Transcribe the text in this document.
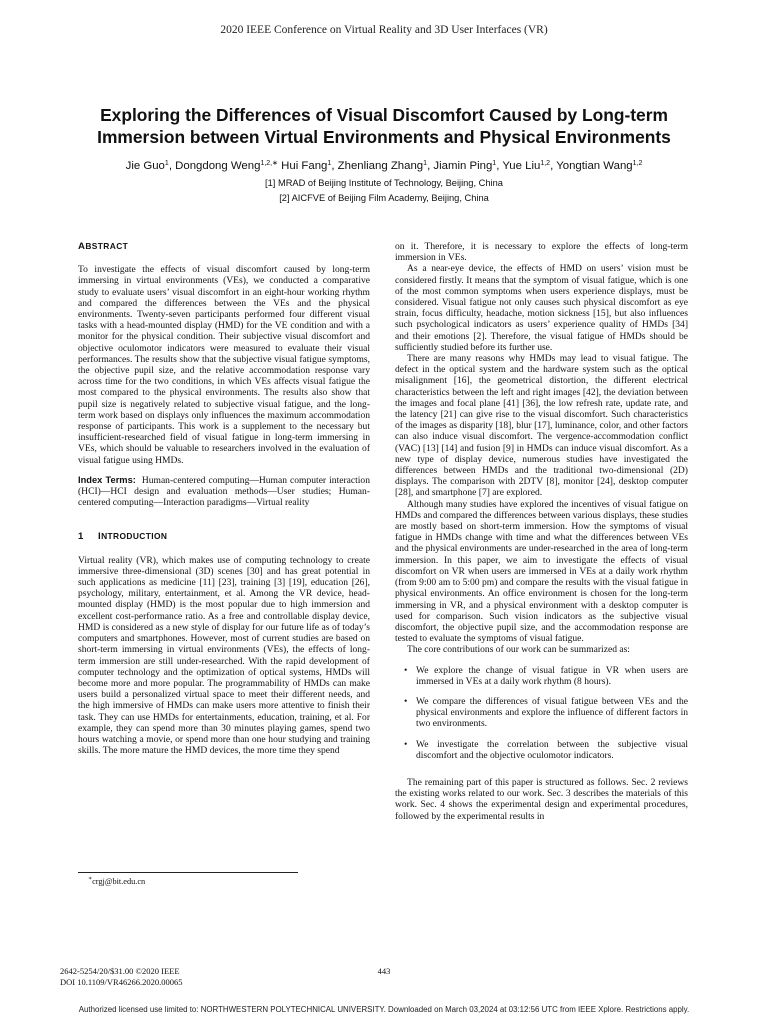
2020 IEEE Conference on Virtual Reality and 3D User Interfaces (VR)
Exploring the Differences of Visual Discomfort Caused by Long-term
Immersion between Virtual Environments and Physical Environments
Jie Guo$^1$, Dongdong Weng$^{1,2,∗}$ Hui Fang$^1$, Zhenliang Zhang$^1$, Jiamin Ping$^1$, Yue Liu$^{1,2}$, Yongtian Wang$^{1,2}$
[1] MRAD of Beijing Institute of Technology, Beijing, China
[2] AICFVE of Beijing Film Academy, Beijing, China
ABSTRACT

To investigate the effects of visual discomfort caused by long-term immersing in virtual environments (VEs), we conducted a comparative study to evaluate users’ visual discomfort in an eight-hour working rhythm and compared the differences between the VEs and the physical environments. Twenty-seven participants performed four different visual tasks with a head-mounted display (HMD) for the VE condition and with a monitor for the physical condition. Their subjective visual discomfort and objective oculomotor indicators were measured to evaluate their visual performances. The results show that the subjective visual fatigue symptoms, the objective pupil size, and the relative accommodation response vary across time for the two conditions, in which VEs affects visual fatigue the most compared to the physical environments. The results also show that pupil size is negatively related to subjective visual fatigue, and the long-term work based on displays only influences the maximum accommodation response of participants. This work is a supplement to the necessary but insufficient-researched field of visual fatigue in long-term immersing in VEs, which should be valuable to researchers involved in the evaluation of visual fatigue using HMDs.

Index Terms: Human-centered computing—Human computer interaction (HCI)—HCI design and evaluation methods—User studies; Human-centered computing—Interaction paradigms—Virtual reality

1 INTRODUCTION

Virtual reality (VR), which makes use of computing technology to create immersive three-dimensional (3D) scenes [30] and has great potential in such applications as medicine [11] [23], training [3] [19], education [26], psychology, military, entertainment, et al. Among the VR device, head-mounted display (HMD) is the most popular due to high immersion and excellent cost-performance ratio. As a free and controllable display device, HMD is considered as a new style of display for our future life as of today’s computers and smartphones. However, most of current studies are based on short-term immersing in virtual environments (VEs), the effects of long-term immersion are still under-researched. With the rapid development of computer technology and the optimization of optical systems, HMDs will become more and more popular. The programmability of HMDs can make users build a personalized virtual space to meet their different needs, and the high immersive of HMDs can make users more attentive to finish their task. They can use HMDs for entertainments, education, training, et al. For example, they can spend more than 30 minutes playing games, spend two hours watching a movie, or spend more than one hour studying and training skills. The more mature the HMD devices, the more time they spend

∗crgj@bit.edu.cn

on it. Therefore, it is necessary to explore the effects of long-term immersion in VEs.

As a near-eye device, the effects of HMD on users’ vision must be considered firstly. It means that the symptom of visual fatigue, which is one of the most common symptoms when users experience displays, must be considered. Visual fatigue not only causes such physical discomfort as eye strain, focus difficulty, headache, motion sickness [15], but also influences such psychological indicators as users’ experience quality of HMDs [34] and their emotions [2]. Therefore, the visual fatigue of HMDs should be sufficiently studied before its further use.

There are many reasons why HMDs may lead to visual fatigue. The defect in the optical system and the hardware system such as the optical misalignment [16], the geometrical distortion, the different electrical characteristics between the left and right images [42], the deviation between the images and focal plane [41] [36], the low refresh rate, update rate, and the latency [21] can give rise to the visual discomfort. Such characteristics of the images as disparity [18], blur [17], luminance, color, and other factors can also induce visual discomfort. The vergence-accommodation conflict (VAC) [13] [14] and fusion [9] in HMDs can induce visual discomfort. As a new type of display device, numerous studies have investigated the differences between HMDs and the traditional two-dimensional (2D) displays. The comparison with 2DTV [8], monitor [24], desktop computer [28], and smartphone [7] are explored.

Although many studies have explored the incentives of visual fatigue on HMDs and compared the differences between various displays, these studies are mostly based on short-term immersion. How the symptoms of visual fatigue in HMDs change with time and what the differences between VEs and the physical environments are under-researched in the area of long-term immersion. In this paper, we aim to investigate the effects of visual discomfort on VR when users are immersed in VEs at a daily work rhythm (from 9:00 am to 5:00 pm) and compare the results with the visual fatigue in physical environments. An office environment is chosen for the long-term immersing in VR, and a physical environment with a desktop computer is used for comparison. Such vision indicators as the subjective visual discomfort, the objective pupil size, and the accommodation response are tested to evaluate the symptoms of visual fatigue.

The core contributions of our work can be summarized as:

• We explore the change of visual fatigue in VR when users are immersed in VEs at a daily work rhythm (8 hours).
• We compare the differences of visual fatigue between VEs and the physical environments and explore the influence of different factors in two environments.
• We investigate the correlation between the subjective visual discomfort and the objective oculomotor indicators.

The remaining part of this paper is structured as follows. Sec. 2 reviews the existing works related to our work. Sec. 3 describes the materials of this work. Sec. 4 shows the experimental design and experimental procedures, followed by the experimental results in

2642-5254/20/$31.00 ©2020 IEEE
DOI 10.1109/VR46266.2020.00065
443
Authorized licensed use limited to: NORTHWESTERN POLYTECHNICAL UNIVERSITY. Downloaded on March 03,2024 at 03:12:56 UTC from IEEE Xplore. Restrictions apply.
